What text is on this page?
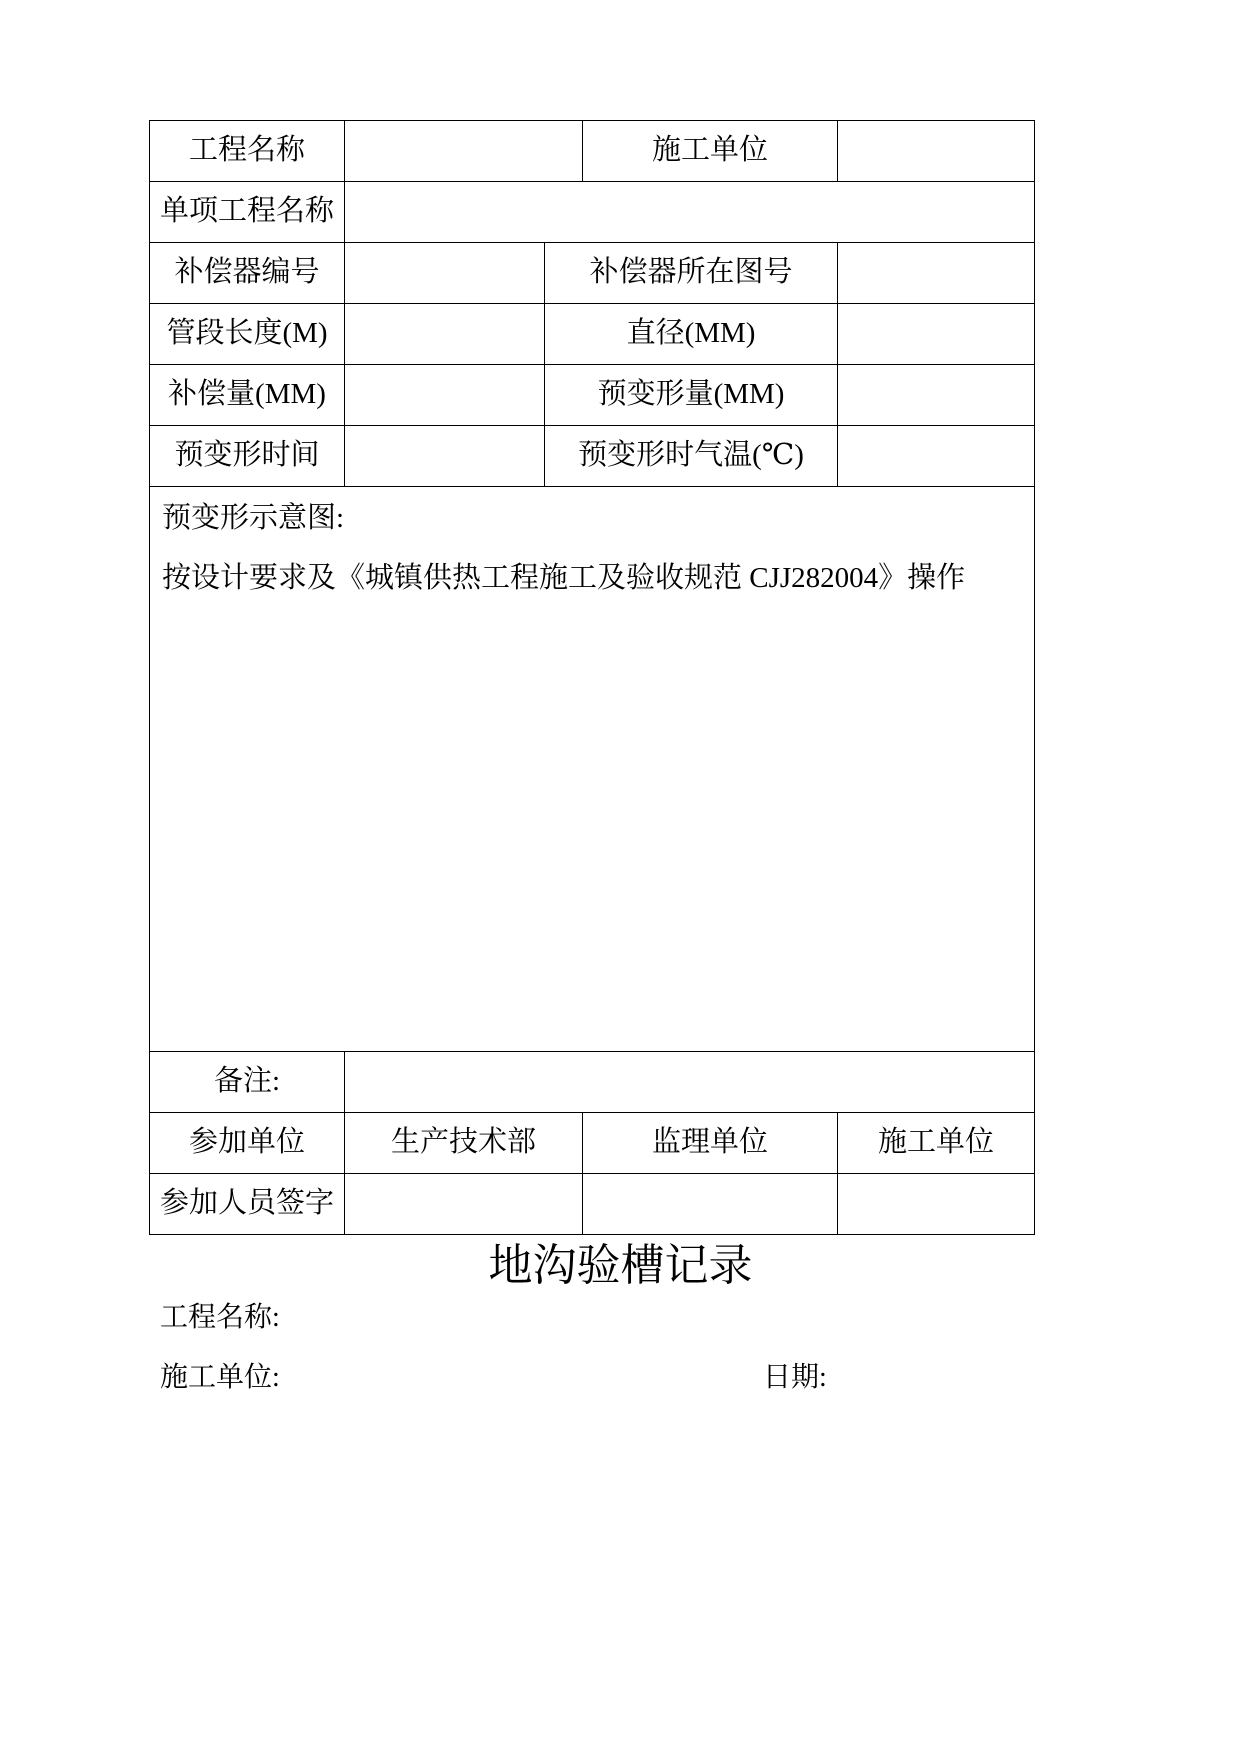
工程名称			施工单位	
单项工程名称				
补偿器编号		补偿器所在图号		
管段长度(M)		直径(MM)		
补偿量(MM)		预变形量(MM)		
预变形时间		预变形时气温(℃)		

预变形示意图:

按设计要求及《城镇供热工程施工及验收规范 CJJ282004》操作				

备注:				
参加单位	生产技术部		监理单位	施工单位
参加人员签字				
地沟验槽记录
工程名称:
施工单位:	日期:
